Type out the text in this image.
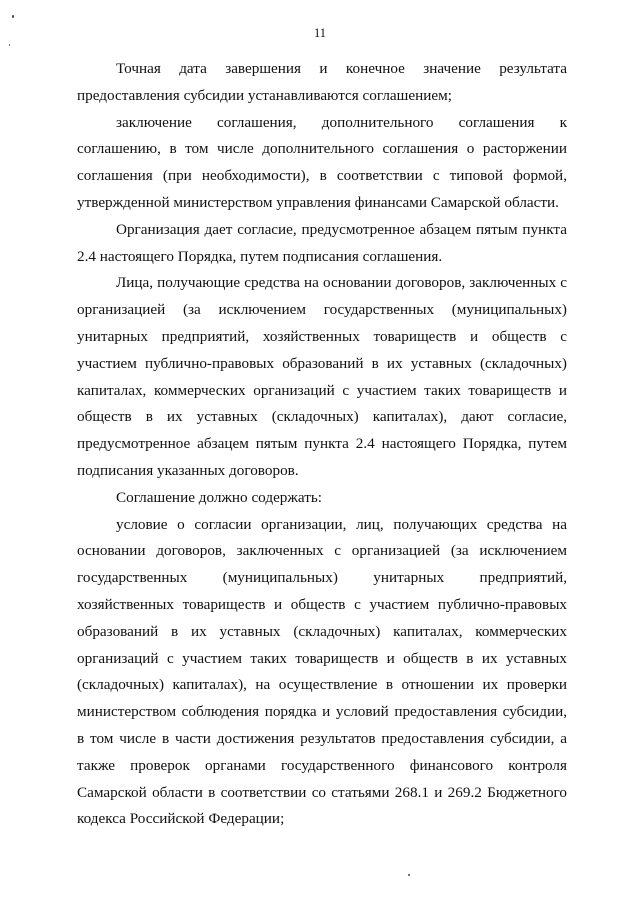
11

Точная дата завершения и конечное значение результата предоставления субсидии устанавливаются соглашением;

заключение соглашения, дополнительного соглашения к соглашению, в том числе дополнительного соглашения о расторжении соглашения (при необходимости), в соответствии с типовой формой, утвержденной министерством управления финансами Самарской области.

Организация дает согласие, предусмотренное абзацем пятым пункта 2.4 настоящего Порядка, путем подписания соглашения.

Лица, получающие средства на основании договоров, заключенных с организацией (за исключением государственных (муниципальных) унитарных предприятий, хозяйственных товариществ и обществ с участием публично-правовых образований в их уставных (складочных) капиталах, коммерческих организаций с участием таких товариществ и обществ в их уставных (складочных) капиталах), дают согласие, предусмотренное абзацем пятым пункта 2.4 настоящего Порядка, путем подписания указанных договоров.

Соглашение должно содержать:

условие о согласии организации, лиц, получающих средства на основании договоров, заключенных с организацией (за исключением государственных (муниципальных) унитарных предприятий, хозяйственных товариществ и обществ с участием публично-правовых образований в их уставных (складочных) капиталах, коммерческих организаций с участием таких товариществ и обществ в их уставных (складочных) капиталах), на осуществление в отношении их проверки министерством соблюдения порядка и условий предоставления субсидии, в том числе в части достижения результатов предоставления субсидии, а также проверок органами государственного финансового контроля Самарской области в соответствии со статьями 268.1 и 269.2 Бюджетного кодекса Российской Федерации;
